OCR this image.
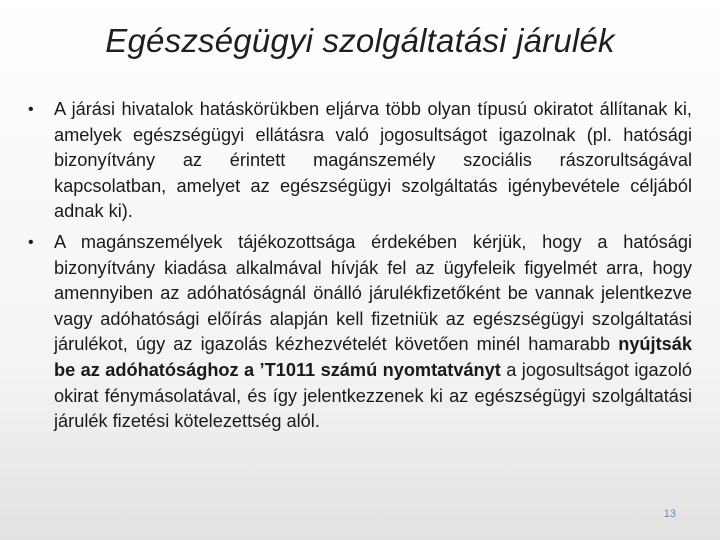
Egészségügyi szolgáltatási járulék
•	A járási hivatalok hatáskörükben eljárva több olyan típusú okiratot állítanak ki, amelyek egészségügyi ellátásra való jogosultságot igazolnak (pl. hatósági bizonyítvány az érintett magánszemély szociális rászorultságával kapcsolatban, amelyet az egészségügyi szolgáltatás igénybevétele céljából adnak ki).
•	A magánszemélyek tájékozottsága érdekében kérjük, hogy a hatósági bizonyítvány kiadása alkalmával hívják fel az ügyfeleik figyelmét arra, hogy amennyiben az adóhatóságnál önálló járulékfizetőként be vannak jelentkezve vagy adóhatósági előírás alapján kell fizetniük az egészségügyi szolgáltatási járulékot, úgy az igazolás kézhezvételét követően minél hamarabb nyújtsák be az adóhatósághoz a ’T1011 számú nyomtatványt a jogosultságot igazoló okirat fénymásolatával, és így jelentkezzenek ki az egészségügyi szolgáltatási járulék fizetési kötelezettség alól.
13
